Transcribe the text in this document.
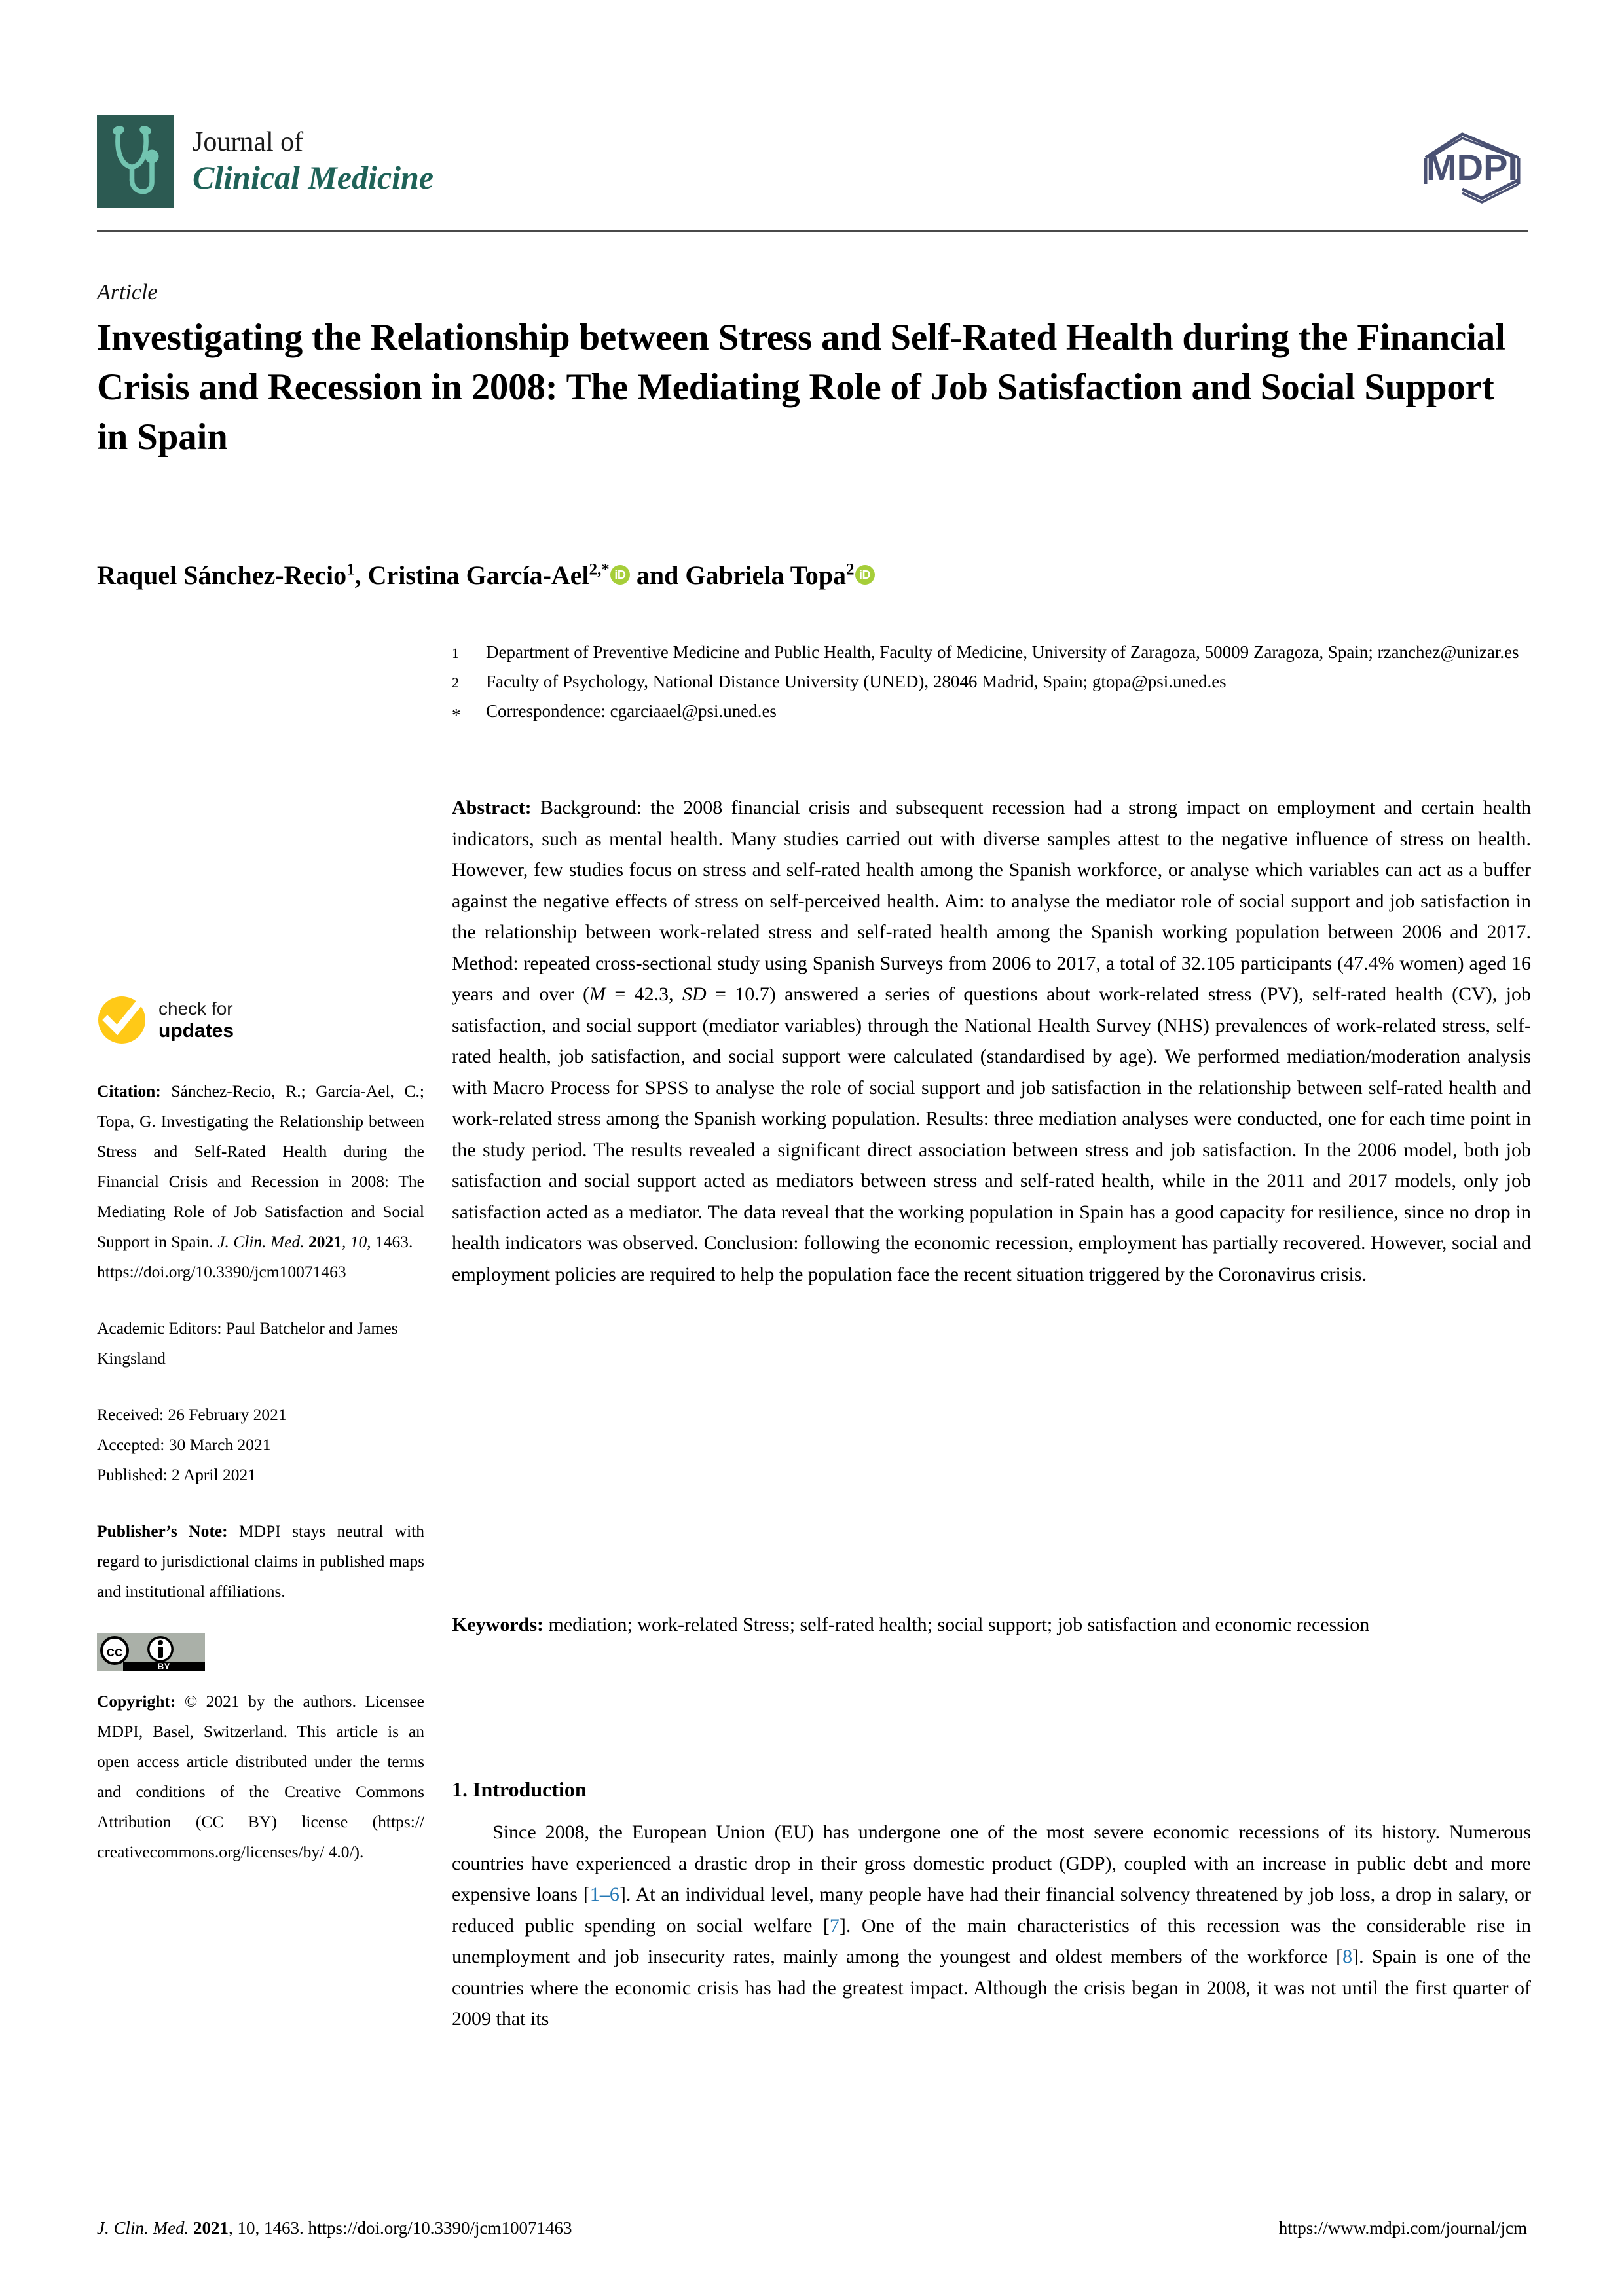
Journal of
Clinical Medicine	MDPI
Article
Investigating the Relationship between Stress and Self-Rated Health during the Financial Crisis and Recession in 2008: The Mediating Role of Job Satisfaction and Social Support in Spain
Raquel Sánchez-Recio$^1$, Cristina García-Ael$^{2,*}$ iD and Gabriela Topa$^2$ iD
1	Department of Preventive Medicine and Public Health, Faculty of Medicine, University of Zaragoza, 50009 Zaragoza, Spain; rzanchez@unizar.es
2	Faculty of Psychology, National Distance University (UNED), 28046 Madrid, Spain; gtopa@psi.uned.es
*	Correspondence: cgarciaael@psi.uned.es
Abstract: Background: the 2008 financial crisis and subsequent recession had a strong impact on employment and certain health indicators, such as mental health. Many studies carried out with diverse samples attest to the negative influence of stress on health. However, few studies focus on stress and self-rated health among the Spanish workforce, or analyse which variables can act as a buffer against the negative effects of stress on self-perceived health. Aim: to analyse the mediator role of social support and job satisfaction in the relationship between work-related stress and self-rated health among the Spanish working population between 2006 and 2017. Method: repeated cross-sectional study using Spanish Surveys from 2006 to 2017, a total of 32.105 participants (47.4% women) aged 16 years and over (M = 42.3, SD = 10.7) answered a series of questions about work-related stress (PV), self-rated health (CV), job satisfaction, and social support (mediator variables) through the National Health Survey (NHS) prevalences of work-related stress, self-rated health, job satisfaction, and social support were calculated (standardised by age). We performed mediation/moderation analysis with Macro Process for SPSS to analyse the role of social support and job satisfaction in the relationship between self-rated health and work-related stress among the Spanish working population. Results: three mediation analyses were conducted, one for each time point in the study period. The results revealed a significant direct association between stress and job satisfaction. In the 2006 model, both job satisfaction and social support acted as mediators between stress and self-rated health, while in the 2011 and 2017 models, only job satisfaction acted as a mediator. The data reveal that the working population in Spain has a good capacity for resilience, since no drop in health indicators was observed. Conclusion: following the economic recession, employment has partially recovered. However, social and employment policies are required to help the population face the recent situation triggered by the Coronavirus crisis.
Keywords: mediation; work-related Stress; self-rated health; social support; job satisfaction and economic recession
1. Introduction
Since 2008, the European Union (EU) has undergone one of the most severe economic recessions of its history. Numerous countries have experienced a drastic drop in their gross domestic product (GDP), coupled with an increase in public debt and more expensive loans [1–6]. At an individual level, many people have had their financial solvency threatened by job loss, a drop in salary, or reduced public spending on social welfare [7]. One of the main characteristics of this recession was the considerable rise in unemployment and job insecurity rates, mainly among the youngest and oldest members of the workforce [8]. Spain is one of the countries where the economic crisis has had the greatest impact. Although the crisis began in 2008, it was not until the first quarter of 2009 that its
check for
updates
Citation: Sánchez-Recio, R.; García-Ael, C.; Topa, G. Investigating the Relationship between Stress and Self-Rated Health during the Financial Crisis and Recession in 2008: The Mediating Role of Job Satisfaction and Social Support in Spain. J. Clin. Med. 2021, 10, 1463.
https://doi.org/10.3390/jcm10071463
Academic Editors: Paul Batchelor and James Kingsland
Received: 26 February 2021
Accepted: 30 March 2021
Published: 2 April 2021
Publisher’s Note: MDPI stays neutral with regard to jurisdictional claims in published maps and institutional affiliations.
cc
BY
Copyright: © 2021 by the authors. Licensee MDPI, Basel, Switzerland. This article is an open access article distributed under the terms and conditions of the Creative Commons Attribution (CC BY) license (https:// creativecommons.org/licenses/by/ 4.0/).
J. Clin. Med. 2021, 10, 1463. https://doi.org/10.3390/jcm10071463	https://www.mdpi.com/journal/jcm
